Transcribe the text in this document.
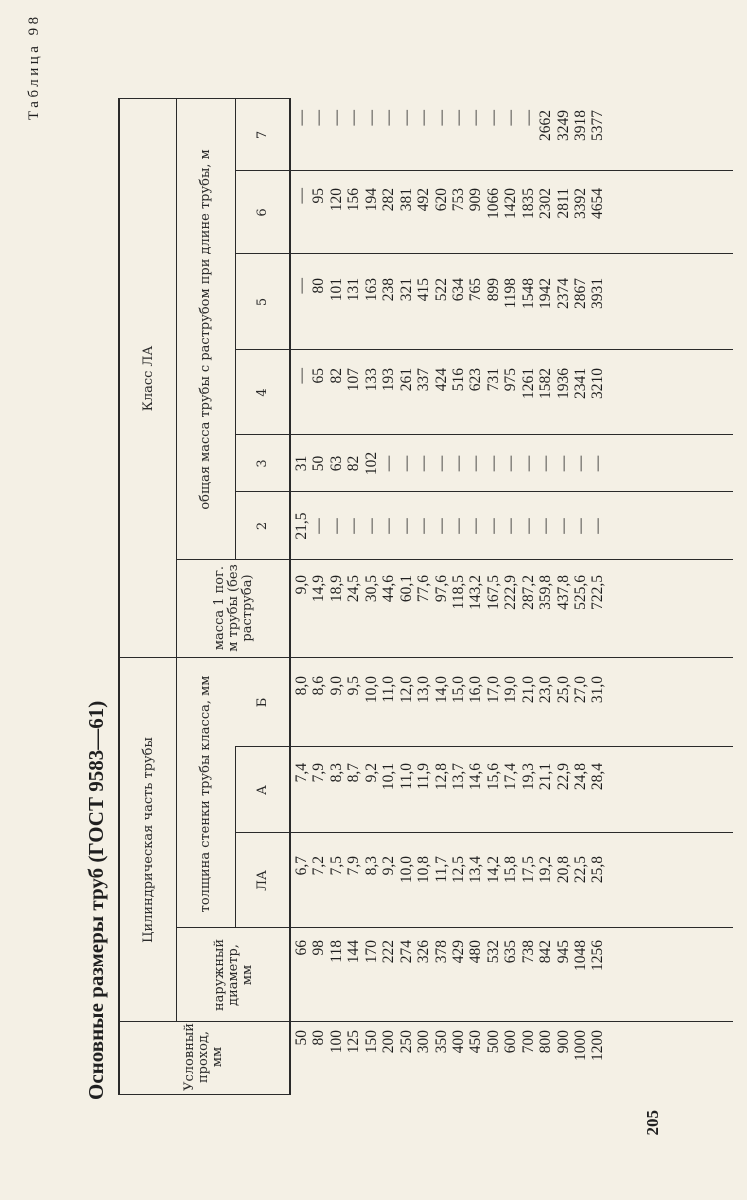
Таблица 98
Основные размеры труб (ГОСТ 9583—61)
205
Условный проход, мм
Цилиндрическая часть трубы
наружный диаметр, мм
толщина стенки трубы класса, мм	ЛА
А
Б
масса 1 пог. м трубы (без раструба)
Класс ЛА	общая масса трубы с раструбом при длине трубы, м
2
3
4
5
6
7
50 80 100 125 150 200 250 300 350 400 450 500 600 700 800 900 1000 1200
66 98 118 144 170 222 274 326 378 429 480 532 635 738 842 945 1048 1256
6,7 7,2 7,5 7,9 8,3 9,2 10,0 10,8 11,7 12,5 13,4 14,2 15,8 17,5 19,2 20,8 22,5 25,8
7,4 7,9 8,3 8,7 9,2 10,1 11,0 11,9 12,8 13,7 14,6 15,6 17,4 19,3 21,1 22,9 24,8 28,4
8,0 8,6 9,0 9,5 10,0 11,0 12,0 13,0 14,0 15,0 16,0 17,0 19,0 21,0 23,0 25,0 27,0 31,0
9,0 14,9 18,9 24,5 30,5 44,6 60,1 77,6 97,6 118,5 143,2 167,5 222,9 287,2 359,8 437,8 525,6 722,5
21,5 — — — — — — — — — — — — — — — — —
31 50 63 82 102 — — — — — — — — — — — — —
— 65 82 107 133 193 261 337 424 516 623 731 975 1261 1582 1936 2341 3210
— 80 101 131 163 238 321 415 522 634 765 899 1198 1548 1942 2374 2867 3931
— 95 120 156 194 282 381 492 620 753 909 1066 1420 1835 2302 2811 3392 4654
— — — — — — — — — — — — — — 2662 3249 3918 5377
